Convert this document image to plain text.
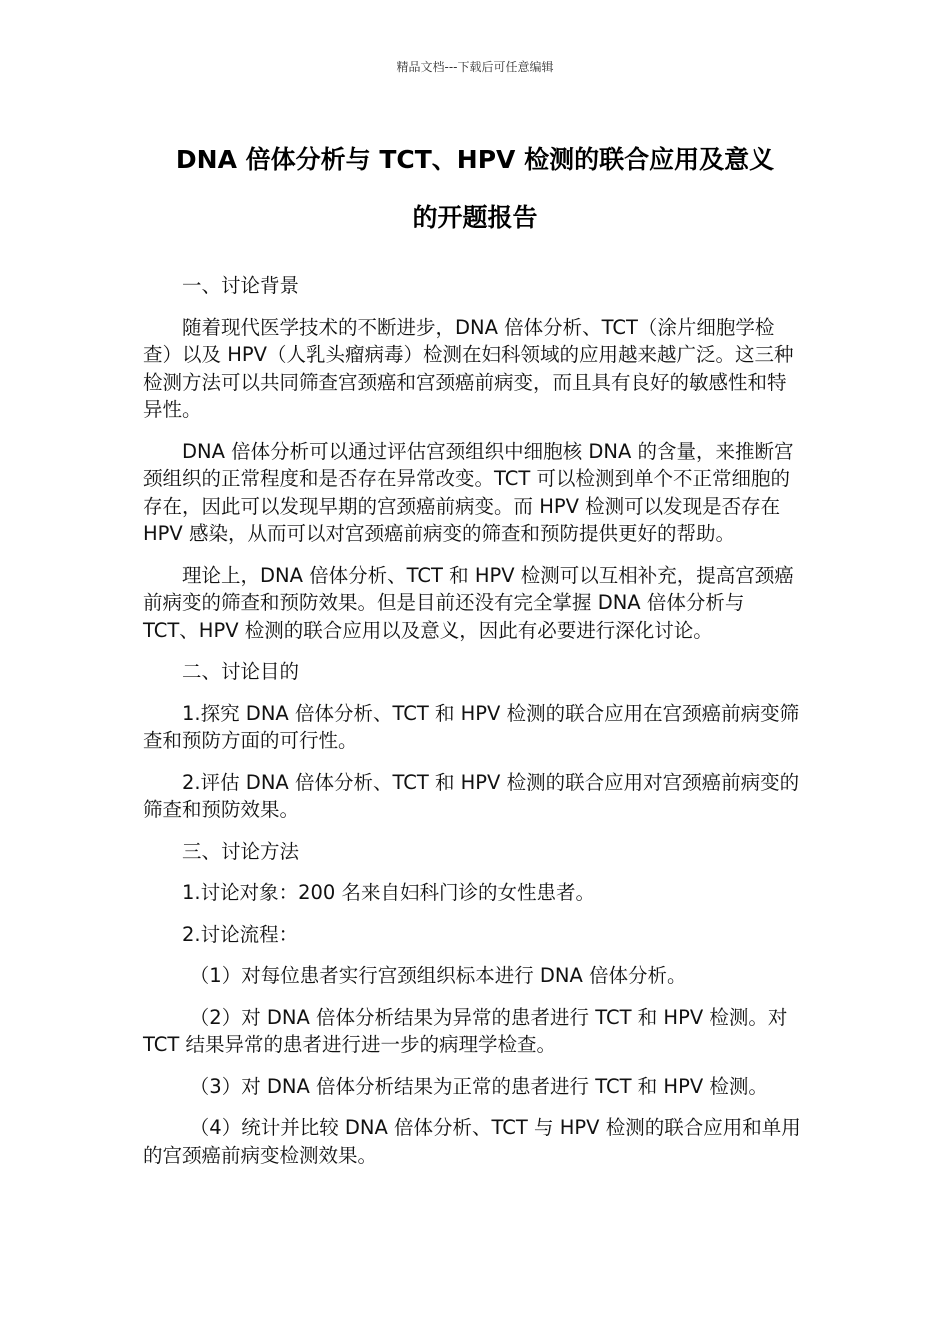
精品文档---下载后可任意编辑
DNA 倍体分析与 TCT、HPV 检测的联合应用及意义
的开题报告

一、讨论背景

随着现代医学技术的不断进步，DNA 倍体分析、TCT（涂片细胞学检查）以及 HPV（人乳头瘤病毒）检测在妇科领域的应用越来越广泛。这三种检测方法可以共同筛查宫颈癌和宫颈癌前病变，而且具有良好的敏感性和特异性。

DNA 倍体分析可以通过评估宫颈组织中细胞核 DNA 的含量，来推断宫颈组织的正常程度和是否存在异常改变。TCT 可以检测到单个不正常细胞的存在，因此可以发现早期的宫颈癌前病变。而 HPV 检测可以发现是否存在 HPV 感染，从而可以对宫颈癌前病变的筛查和预防提供更好的帮助。

理论上，DNA 倍体分析、TCT 和 HPV 检测可以互相补充，提高宫颈癌前病变的筛查和预防效果。但是目前还没有完全掌握 DNA 倍体分析与 TCT、HPV 检测的联合应用以及意义，因此有必要进行深化讨论。

二、讨论目的

1.探究 DNA 倍体分析、TCT 和 HPV 检测的联合应用在宫颈癌前病变筛查和预防方面的可行性。

2.评估 DNA 倍体分析、TCT 和 HPV 检测的联合应用对宫颈癌前病变的筛查和预防效果。

三、讨论方法

1.讨论对象：200 名来自妇科门诊的女性患者。

2.讨论流程：

（1）对每位患者实行宫颈组织标本进行 DNA 倍体分析。

（2）对 DNA 倍体分析结果为异常的患者进行 TCT 和 HPV 检测。对 TCT 结果异常的患者进行进一步的病理学检查。

（3）对 DNA 倍体分析结果为正常的患者进行 TCT 和 HPV 检测。

（4）统计并比较 DNA 倍体分析、TCT 与 HPV 检测的联合应用和单用的宫颈癌前病变检测效果。
